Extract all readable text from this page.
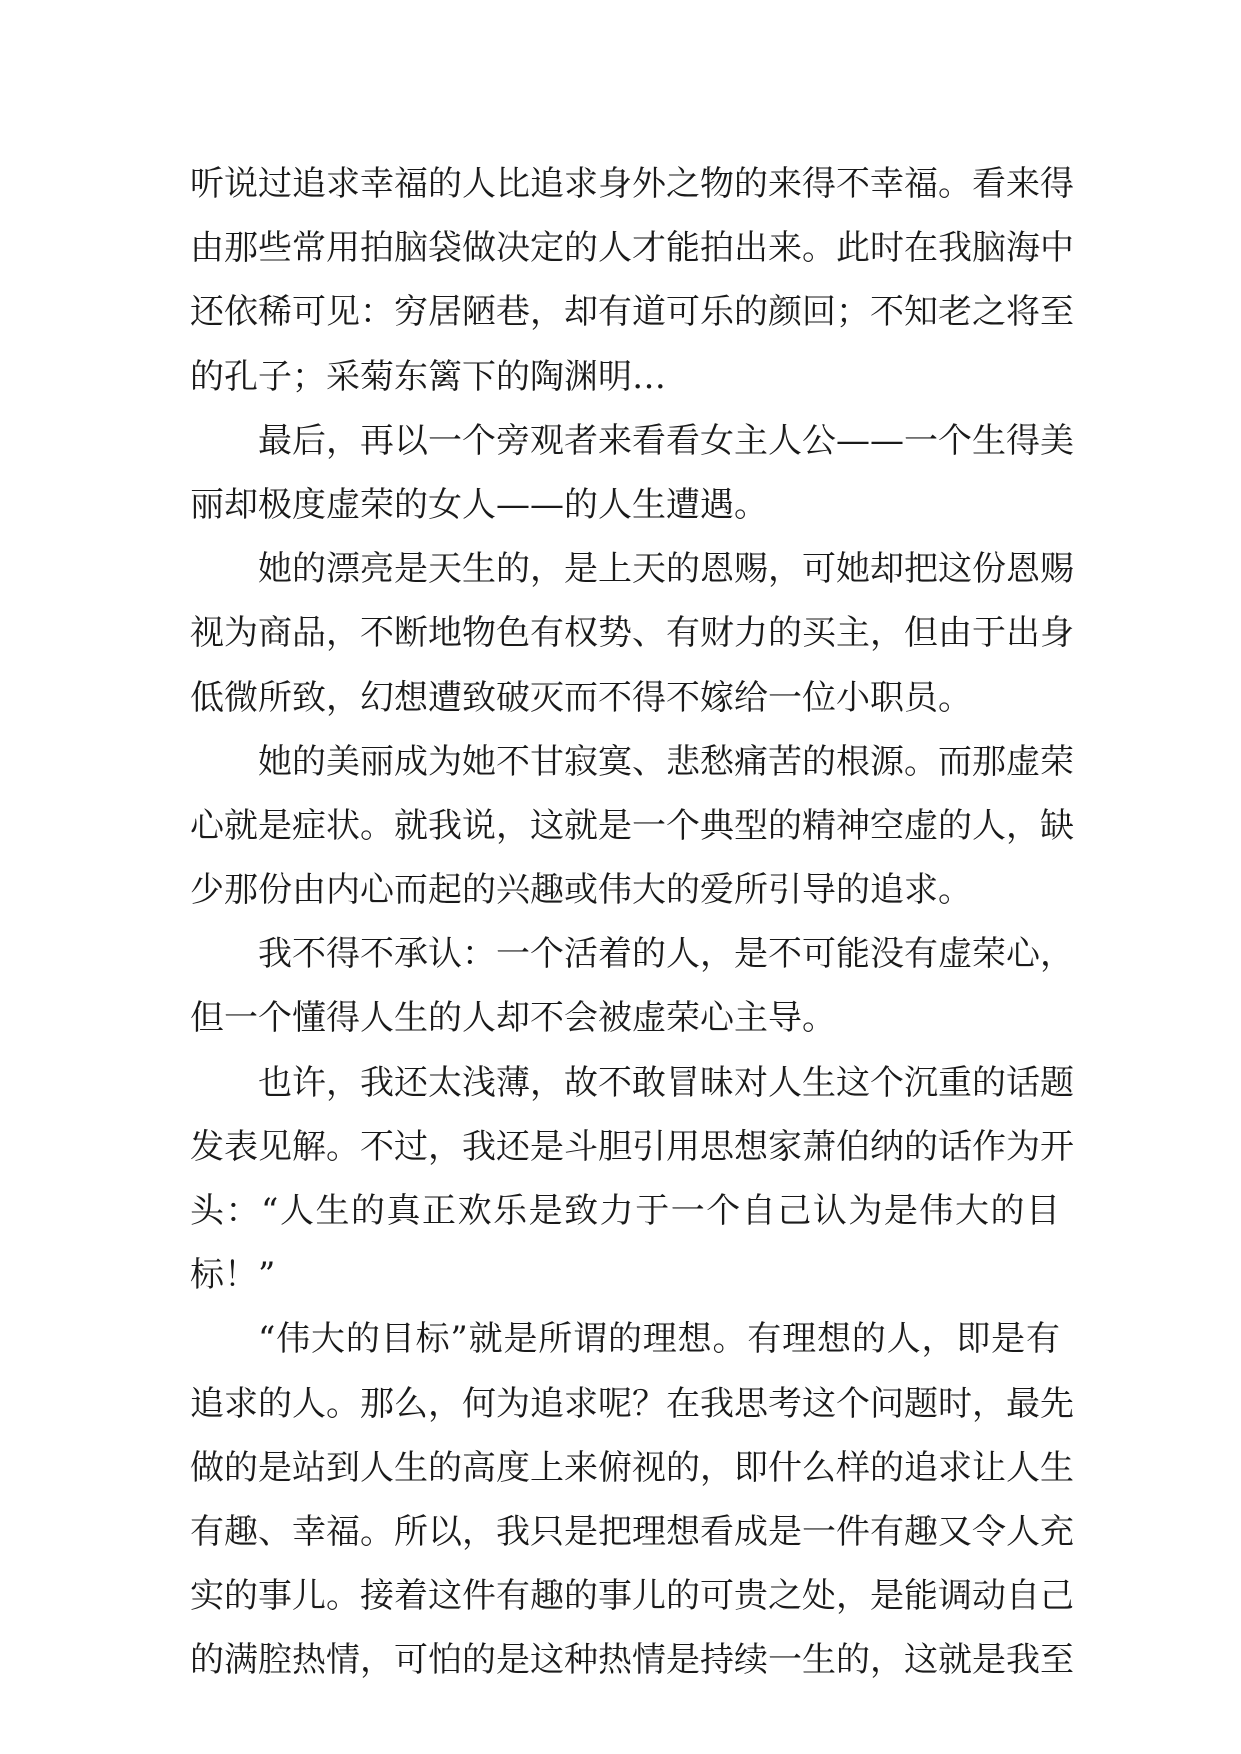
听说过追求幸福的人比追求身外之物的来得不幸福。看来得
由那些常用拍脑袋做决定的人才能拍出来。此时在我脑海中
还依稀可见：穷居陋巷，却有道可乐的颜回；不知老之将至
的孔子；采菊东篱下的陶渊明…
最后，再以一个旁观者来看看女主人公——一个生得美
丽却极度虚荣的女人——的人生遭遇。
她的漂亮是天生的，是上天的恩赐，可她却把这份恩赐
视为商品，不断地物色有权势、有财力的买主，但由于出身
低微所致，幻想遭致破灭而不得不嫁给一位小职员。
她的美丽成为她不甘寂寞、悲愁痛苦的根源。而那虚荣
心就是症状。就我说，这就是一个典型的精神空虚的人，缺
少那份由内心而起的兴趣或伟大的爱所引导的追求。
我不得不承认：一个活着的人，是不可能没有虚荣心，
但一个懂得人生的人却不会被虚荣心主导。
也许，我还太浅薄，故不敢冒昧对人生这个沉重的话题
发表见解。不过，我还是斗胆引用思想家萧伯纳的话作为开
头：“人生的真正欢乐是致力于一个自己认为是伟大的目
标！”
“伟大的目标”就是所谓的理想。有理想的人，即是有
追求的人。那么，何为追求呢？在我思考这个问题时，最先
做的是站到人生的高度上来俯视的，即什么样的追求让人生
有趣、幸福。所以，我只是把理想看成是一件有趣又令人充
实的事儿。接着这件有趣的事儿的可贵之处，是能调动自己
的满腔热情，可怕的是这种热情是持续一生的，这就是我至
